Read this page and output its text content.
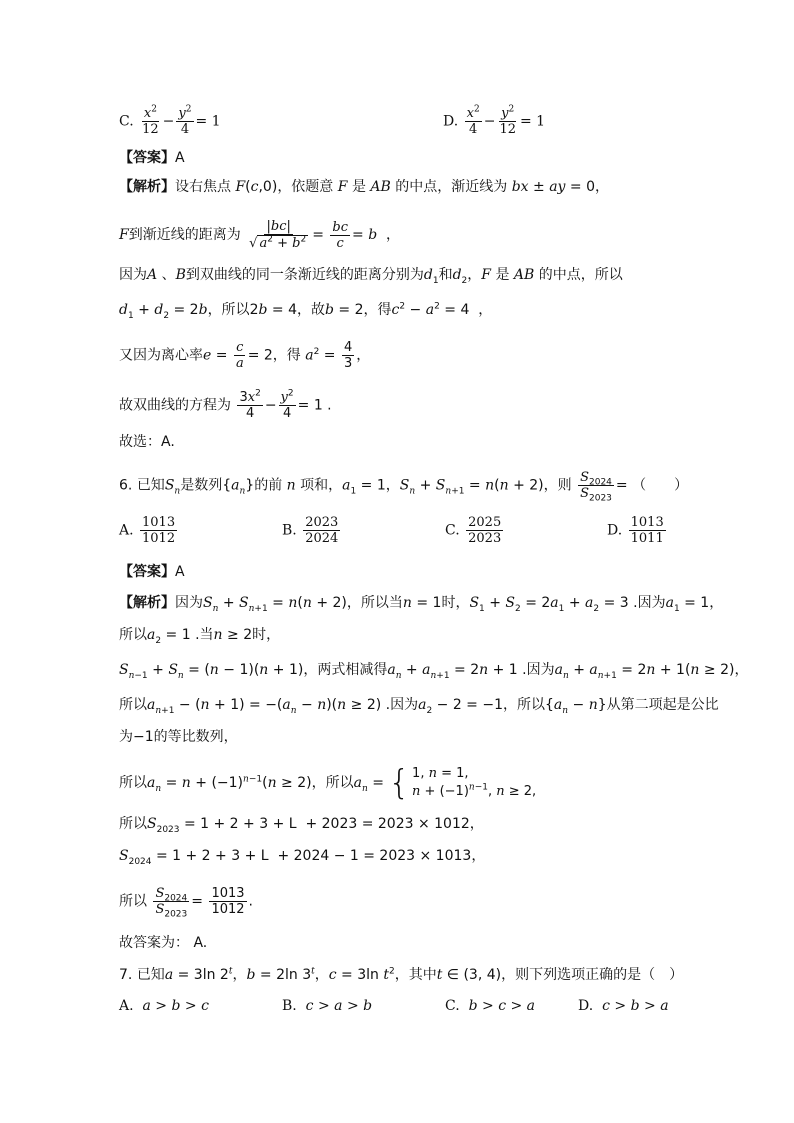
C. $\frac{x^2}{12} - \frac{y^2}{4} = 1$	D. $\frac{x^2}{4} - \frac{y^2}{12} = 1$
【答案】A
【解析】设右焦点 F(c,0)，依题意 F 是 AB 的中点，渐近线为 bx ± ay = 0，
F到渐近线的距离为 $\frac{|bc|}{√ a^2 + b^2} = \frac{bc}{c} = b$  ，
因为A 、B到双曲线的同一条渐近线的距离分别为$d_1$和$d_2$，F 是 AB 的中点，所以
$d_1 + d_2 = 2b$，所以2b = 4，故b = 2，得$c^2 - a^2 = 4$  ，
又因为离心率$e = \frac{c}{a} = 2$，得 $a^2 = \frac{4}{3}$ ，
故双曲线的方程为 $\frac{3x^2}{4} - \frac{y^2}{4} = 1$ .
故选：A.
6. 已知$S_n$是数列$\{a_n\}$的前 n 项和，$a_1 = 1$，$S_n + S_{n+1} = n(n + 2)$，则 $\frac{S_{2024}}{S_{2023}}$ = （　　）
A. $\frac{1013}{1012}$	B. $\frac{2023}{2024}$	C. $\frac{2025}{2023}$	D. $\frac{1013}{1011}$
【答案】A
【解析】因为$S_n + S_{n+1} = n(n + 2)$，所以当n = 1时，$S_1 + S_2 = 2a_1 + a_2 = 3$ .因为$a_1 = 1$，
所以$a_2 = 1$ .当n ≥ 2时，
$S_{n-1} + S_n = (n - 1)(n + 1)$，两式相减得$a_n + a_{n+1} = 2n + 1$ .因为$a_n + a_{n+1} = 2n + 1(n \ge 2)$，
所以$a_{n+1} - (n + 1) = -(a_n - n)(n \ge 2)$ .因为$a_2 - 2 = -1$，所以$\{a_n - n\}$从第二项起是公比
为−1的等比数列，
所以$a_n = n + (-1)^{n-1}(n \ge 2)$，所以$a_n$ = { 1, n = 1,
$n + (-1)^{n-1}$, n ≥ 2,
所以$S_{2023} = 1 + 2 + 3 + L + 2023 = 2023 \times 1012$，
$S_{2024} = 1 + 2 + 3 + L + 2024 - 1 = 2023 \times 1013$，
所以 $\frac{S_{2024}}{S_{2023}} = \frac{1013}{1012}$ .
故答案为： A.
7. 已知a = 3ln 2$^t$，b = 2ln 3$^t$，c = 3ln $t^2$，其中t ∈ (3, 4)，则下列选项正确的是（　）
A. a > b > c	B. c > a > b	C. b > c > a	D. c > b > a
